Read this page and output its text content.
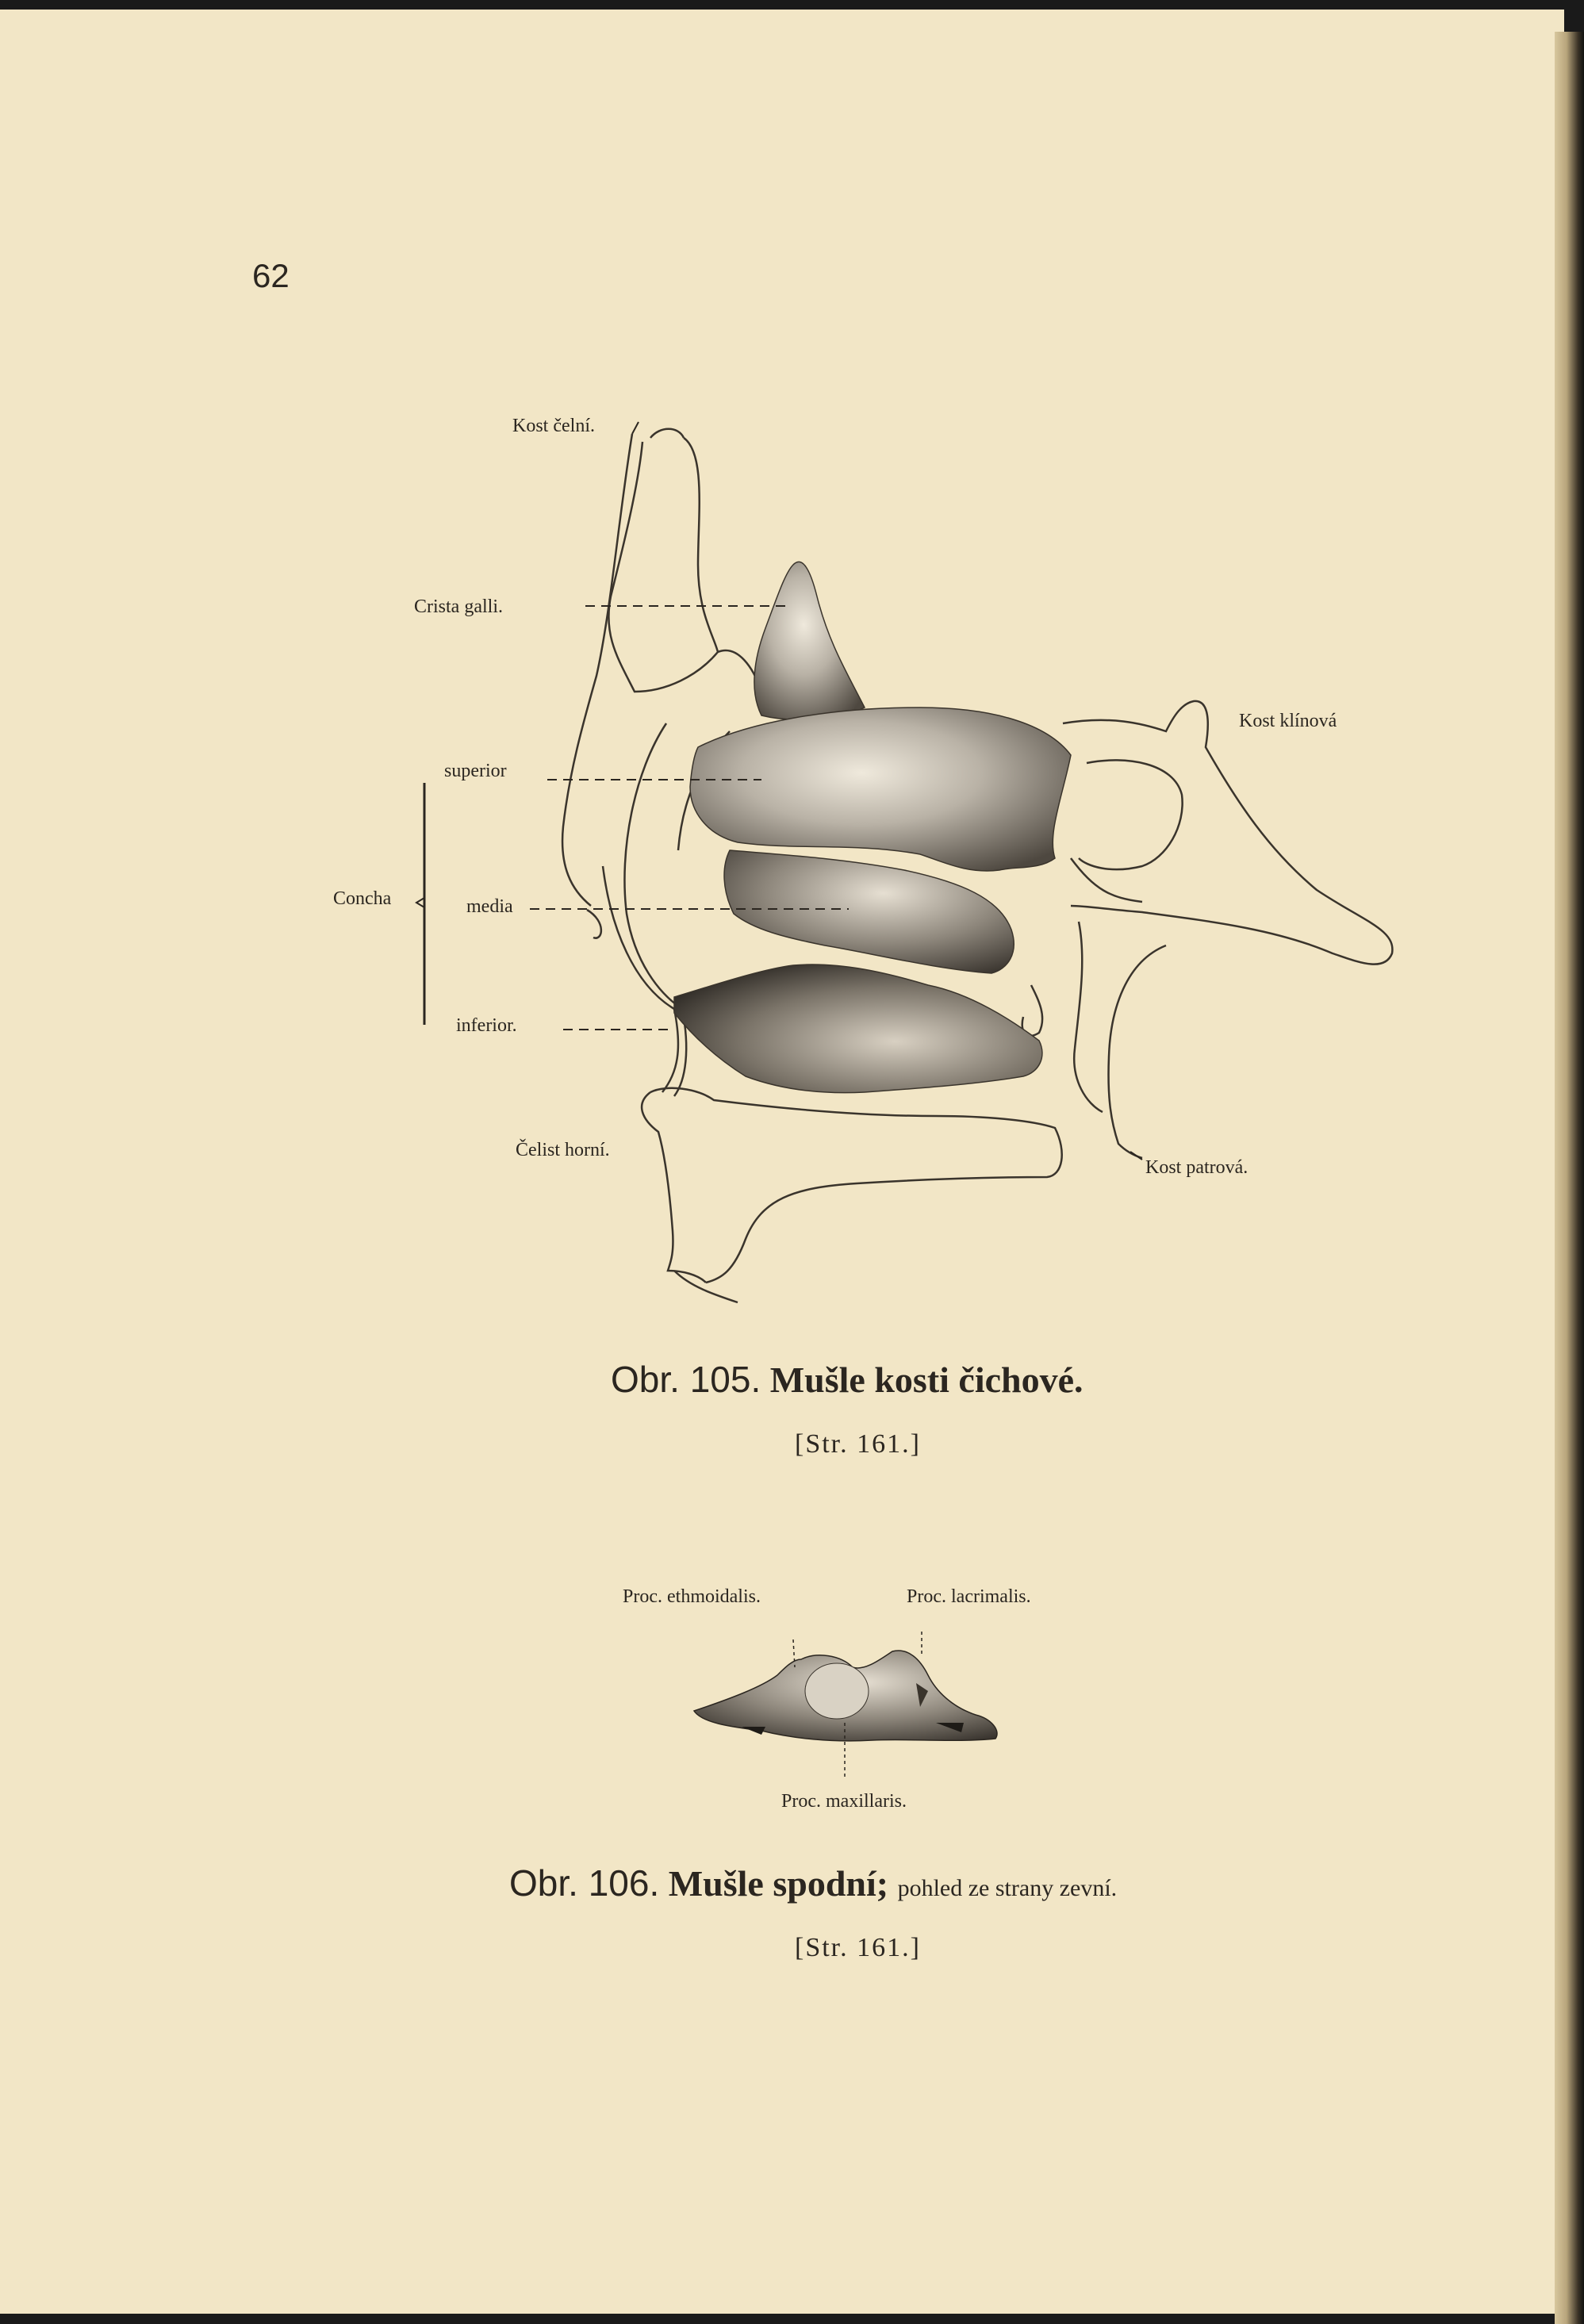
62
Kost čelní.
Crista galli.
superior
Concha	media
inferior.
Čelist horní.
Kost klínová
Kost patrová.
Obr. 105. Mušle kosti čichové.
[Str. 161.]
Proc. ethmoidalis.	Proc. lacrimalis.
Proc. maxillaris.
Obr. 106. Mušle spodní; pohled ze strany zevní.
[Str. 161.]
